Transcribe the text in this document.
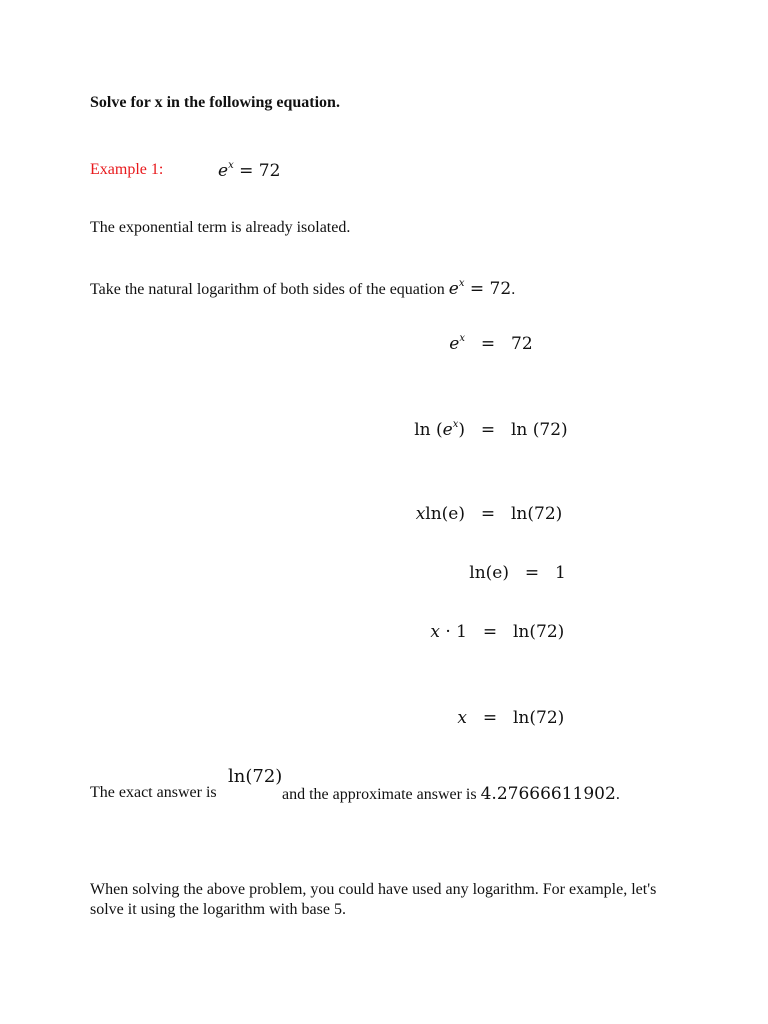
Solve for x in the following equation.
Example 1:	$e^x = 72$
The exponential term is already isolated.
Take the natural logarithm of both sides of the equation $e^x = 72$.
$e^x = 72$
$\ln (e^x) = \ln (72)$
xln(e) = ln(72)
ln(e) = 1
x · 1 = ln(72)
x = ln(72)
The exact answer is
ln(72)
and the approximate answer is 4.27666611902.
When solving the above problem, you could have used any logarithm. For example, let's solve it using the logarithm with base 5.
